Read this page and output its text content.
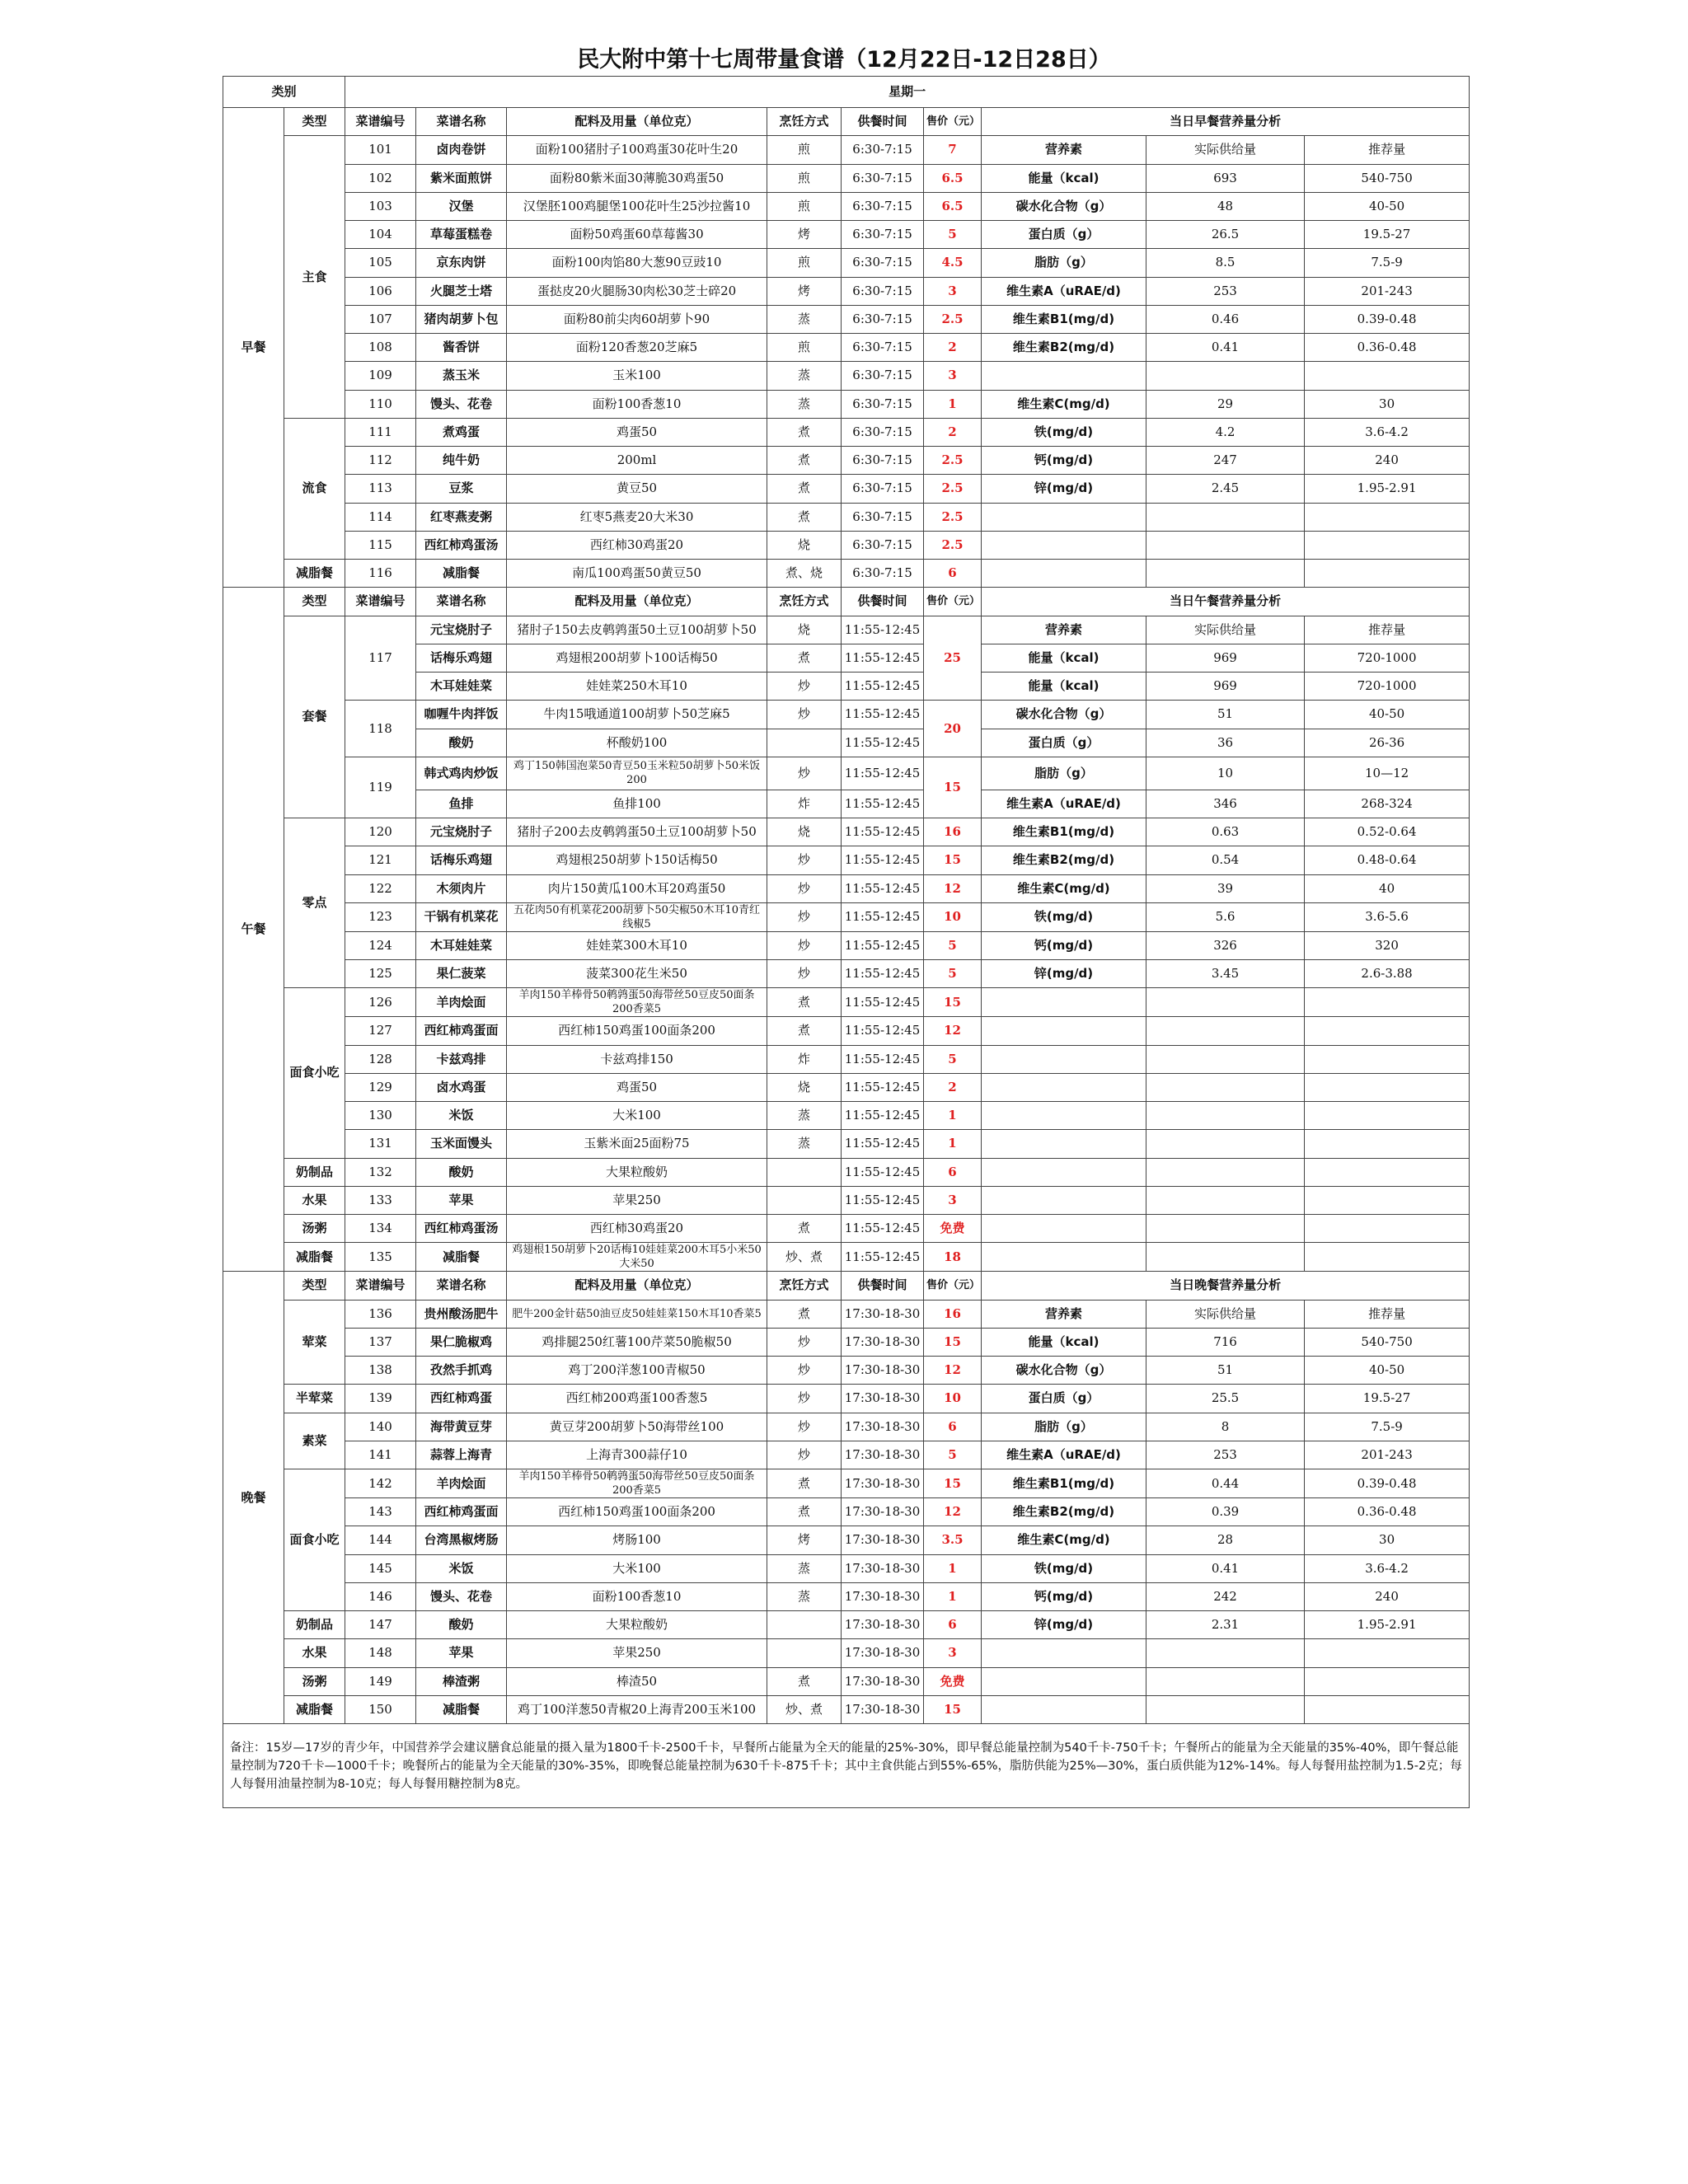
民大附中第十七周带量食谱（12月22日-12日28日）
类别		星期一								
早餐	类型	菜谱编号	菜谱名称	配料及用量（单位克）	烹饪方式	供餐时间	售价（元）	当日早餐营养量分析		
	主食	101	卤肉卷饼	面粉100猪肘子100鸡蛋30花叶生20	煎	6:30-7:15	7	营养素	实际供给量	推荐量
		102	紫米面煎饼	面粉80紫米面30薄脆30鸡蛋50	煎	6:30-7:15	6.5	能量（kcal)	693	540-750
		103	汉堡	汉堡胚100鸡腿堡100花叶生25沙拉酱10	煎	6:30-7:15	6.5	碳水化合物（g）	48	40-50
		104	草莓蛋糕卷	面粉50鸡蛋60草莓酱30	烤	6:30-7:15	5	蛋白质（g）	26.5	19.5-27
		105	京东肉饼	面粉100肉馅80大葱90豆豉10	煎	6:30-7:15	4.5	脂肪（g）	8.5	7.5-9
		106	火腿芝士塔	蛋挞皮20火腿肠30肉松30芝士碎20	烤	6:30-7:15	3	维生素A（uRAE/d)	253	201-243
		107	猪肉胡萝卜包	面粉80前尖肉60胡萝卜90	蒸	6:30-7:15	2.5	维生素B1(mg/d)	0.46	0.39-0.48
		108	酱香饼	面粉120香葱20芝麻5	煎	6:30-7:15	2	维生素B2(mg/d)	0.41	0.36-0.48
		109	蒸玉米	玉米100	蒸	6:30-7:15	3			
		110	馒头、花卷	面粉100香葱10	蒸	6:30-7:15	1	维生素C(mg/d)	29	30
	流食	111	煮鸡蛋	鸡蛋50	煮	6:30-7:15	2	铁(mg/d)	4.2	3.6-4.2
		112	纯牛奶	200ml	煮	6:30-7:15	2.5	钙(mg/d)	247	240
		113	豆浆	黄豆50	煮	6:30-7:15	2.5	锌(mg/d)	2.45	1.95-2.91
		114	红枣燕麦粥	红枣5燕麦20大米30	煮	6:30-7:15	2.5			
		115	西红柿鸡蛋汤	西红柿30鸡蛋20	烧	6:30-7:15	2.5			
	减脂餐	116	减脂餐	南瓜100鸡蛋50黄豆50	煮、烧	6:30-7:15	6			
午餐	类型	菜谱编号	菜谱名称	配料及用量（单位克）	烹饪方式	供餐时间	售价（元）	当日午餐营养量分析		
	套餐	117	元宝烧肘子	猪肘子150去皮鹌鹑蛋50土豆100胡萝卜50	烧	11:55-12:45	25	营养素	实际供给量	推荐量
			话梅乐鸡翅	鸡翅根200胡萝卜100话梅50	煮	11:55-12:45		能量（kcal)	969	720-1000
			木耳娃娃菜	娃娃菜250木耳10	炒	11:55-12:45		能量（kcal)	969	720-1000
		118	咖喱牛肉拌饭	牛肉15哦通道100胡萝卜50芝麻5	炒	11:55-12:45	20	碳水化合物（g）	51	40-50
			酸奶	杯酸奶100		11:55-12:45		蛋白质（g）	36	26-36
		119	韩式鸡肉炒饭	鸡丁150韩国泡菜50青豆50玉米粒50胡萝卜50米饭200	炒	11:55-12:45	15	脂肪（g）	10	10—12
			鱼排	鱼排100	炸	11:55-12:45		维生素A（uRAE/d)	346	268-324
	零点	120	元宝烧肘子	猪肘子200去皮鹌鹑蛋50土豆100胡萝卜50	烧	11:55-12:45	16	维生素B1(mg/d)	0.63	0.52-0.64
		121	话梅乐鸡翅	鸡翅根250胡萝卜150话梅50	炒	11:55-12:45	15	维生素B2(mg/d)	0.54	0.48-0.64
		122	木须肉片	肉片150黄瓜100木耳20鸡蛋50	炒	11:55-12:45	12	维生素C(mg/d)	39	40
		123	干锅有机菜花	五花肉50有机菜花200胡萝卜50尖椒50木耳10青红线椒5	炒	11:55-12:45	10	铁(mg/d)	5.6	3.6-5.6
		124	木耳娃娃菜	娃娃菜300木耳10	炒	11:55-12:45	5	钙(mg/d)	326	320
		125	果仁菠菜	菠菜300花生米50	炒	11:55-12:45	5	锌(mg/d)	3.45	2.6-3.88
	面食小吃	126	羊肉烩面	羊肉150羊棒骨50鹌鹑蛋50海带丝50豆皮50面条200香菜5	煮	11:55-12:45	15			
		127	西红柿鸡蛋面	西红柿150鸡蛋100面条200	煮	11:55-12:45	12			
		128	卡兹鸡排	卡兹鸡排150	炸	11:55-12:45	5			
		129	卤水鸡蛋	鸡蛋50	烧	11:55-12:45	2			
		130	米饭	大米100	蒸	11:55-12:45	1			
		131	玉米面馒头	玉紫米面25面粉75	蒸	11:55-12:45	1			
	奶制品	132	酸奶	大果粒酸奶		11:55-12:45	6			
	水果	133	苹果	苹果250		11:55-12:45	3			
	汤粥	134	西红柿鸡蛋汤	西红柿30鸡蛋20	煮	11:55-12:45	免费			
	减脂餐	135	减脂餐	鸡翅根150胡萝卜20话梅10娃娃菜200木耳5小米50大米50	炒、煮	11:55-12:45	18			
晚餐	类型	菜谱编号	菜谱名称	配料及用量（单位克）	烹饪方式	供餐时间	售价（元）	当日晚餐营养量分析		
	荤菜	136	贵州酸汤肥牛	肥牛200金针菇50油豆皮50娃娃菜150木耳10香菜5	煮	17:30-18-30	16	营养素	实际供给量	推荐量
		137	果仁脆椒鸡	鸡排腿250红薯100芹菜50脆椒50	炒	17:30-18-30	15	能量（kcal)	716	540-750
		138	孜然手抓鸡	鸡丁200洋葱100青椒50	炒	17:30-18-30	12	碳水化合物（g）	51	40-50
	半荤菜	139	西红柿鸡蛋	西红柿200鸡蛋100香葱5	炒	17:30-18-30	10	蛋白质（g）	25.5	19.5-27
	素菜	140	海带黄豆芽	黄豆芽200胡萝卜50海带丝100	炒	17:30-18-30	6	脂肪（g）	8	7.5-9
		141	蒜蓉上海青	上海青300蒜仔10	炒	17:30-18-30	5	维生素A（uRAE/d)	253	201-243
	面食小吃	142	羊肉烩面	羊肉150羊棒骨50鹌鹑蛋50海带丝50豆皮50面条200香菜5	煮	17:30-18-30	15	维生素B1(mg/d)	0.44	0.39-0.48
		143	西红柿鸡蛋面	西红柿150鸡蛋100面条200	煮	17:30-18-30	12	维生素B2(mg/d)	0.39	0.36-0.48
		144	台湾黑椒烤肠	烤肠100	烤	17:30-18-30	3.5	维生素C(mg/d)	28	30
		145	米饭	大米100	蒸	17:30-18-30	1	铁(mg/d)	0.41	3.6-4.2
		146	馒头、花卷	面粉100香葱10	蒸	17:30-18-30	1	钙(mg/d)	242	240
	奶制品	147	酸奶	大果粒酸奶		17:30-18-30	6	锌(mg/d)	2.31	1.95-2.91
	水果	148	苹果	苹果250		17:30-18-30	3			
	汤粥	149	棒渣粥	棒渣50	煮	17:30-18-30	免费			
	减脂餐	150	减脂餐	鸡丁100洋葱50青椒20上海青200玉米100	炒、煮	17:30-18-30	15			
备注：15岁—17岁的青少年，中国营养学会建议膳食总能量的摄入量为1800千卡-2500千卡，早餐所占能量为全天的能量的25%-30%，即早餐总能量控制为540千卡-750千卡；午餐所占的能量为全天能量的35%-40%，即午餐总能量控制为720千卡—1000千卡；晚餐所占的能量为全天能量的30%-35%，即晚餐总能量控制为630千卡-875千卡；其中主食供能占到55%-65%，脂肪供能为25%—30%，蛋白质供能为12%-14%。每人每餐用盐控制为1.5-2克；每人每餐用油量控制为8-10克；每人每餐用糖控制为8克。										
